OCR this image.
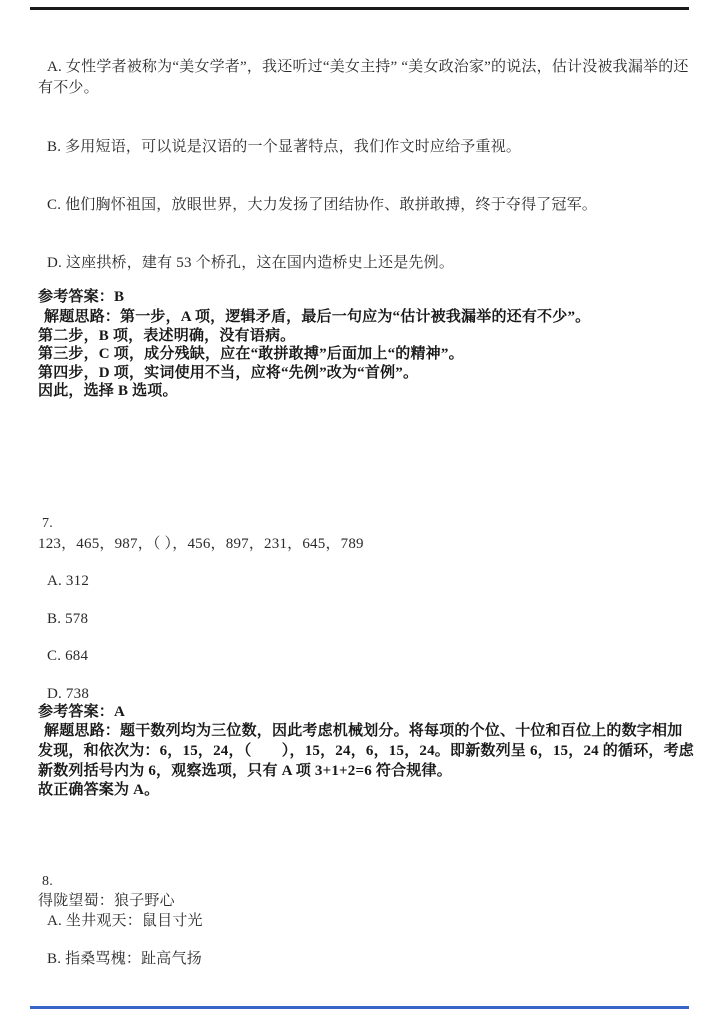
A. 女性学者被称为“美女学者”，我还听过“美女主持” “美女政治家”的说法，估计没被我漏举的还有不少。
B. 多用短语，可以说是汉语的一个显著特点，我们作文时应给予重视。
C. 他们胸怀祖国，放眼世界，大力发扬了团结协作、敢拼敢搏，终于夺得了冠军。
D. 这座拱桥，建有 53 个桥孔，这在国内造桥史上还是先例。
参考答案：B
解题思路：第一步，A 项，逻辑矛盾，最后一句应为“估计被我漏举的还有不少”。
第二步，B 项，表述明确，没有语病。
第三步，C 项，成分残缺，应在“敢拼敢搏”后面加上“的精神”。
第四步，D 项，实词使用不当，应将“先例”改为“首例”。
因此，选择 B 选项。
7.
123，465，987，（ ），456，897，231，645，789
A. 312
B. 578
C. 684
D. 738
参考答案：A
解题思路：题干数列均为三位数，因此考虑机械划分。将每项的个位、十位和百位上的数字相加
发现，和依次为：6，15，24，（　　），15，24，6，15，24。即新数列呈 6，15，24 的循环，考虑
新数列括号内为 6，观察选项，只有 A 项 3+1+2=6 符合规律。
故正确答案为 A。
8.
得陇望蜀：狼子野心
A. 坐井观天：鼠目寸光
B. 指桑骂槐：趾高气扬
